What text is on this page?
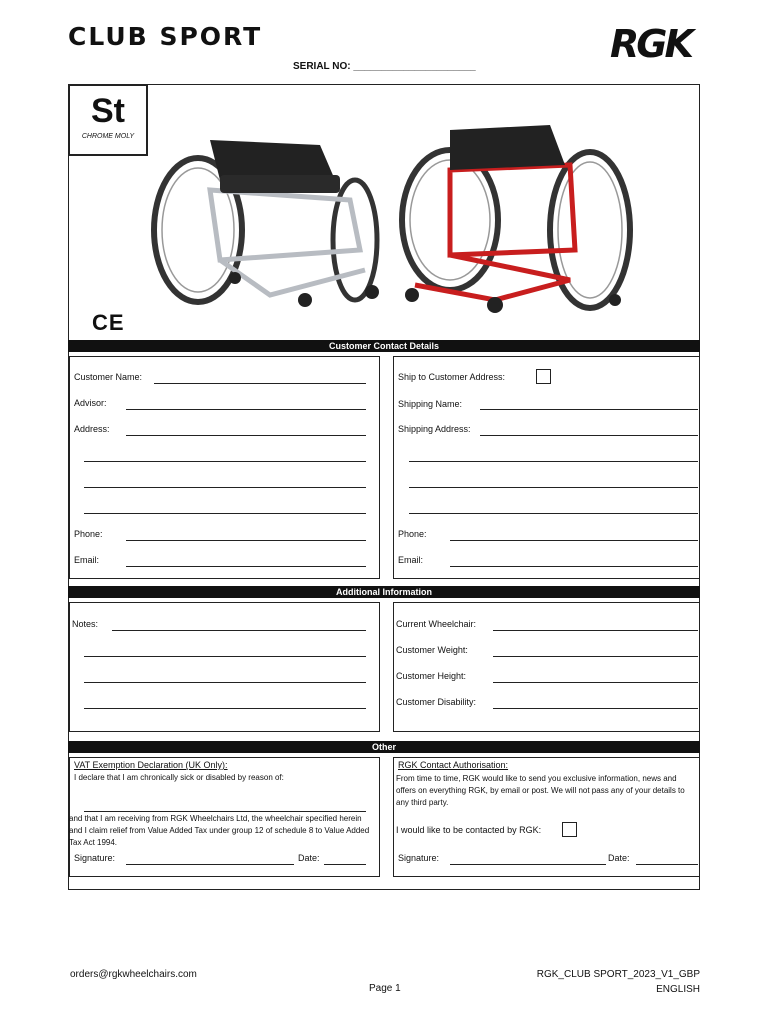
CLUB SPORT	RGK
SERIAL NO: ______________________
St
CHROME MOLY
CE
Customer Contact Details
Customer Name:
Advisor:
Address:
Phone:
Email:
Ship to Customer Address:
Shipping Name:
Shipping Address:
Phone:
Email:
Additional Information
Notes:	Current Wheelchair:
Customer Weight:
Customer Height:
Customer Disability:
Other
VAT Exemption Declaration (UK Only):
I declare that I am chronically sick or disabled by reason of:
and that I am receiving from RGK Wheelchairs Ltd, the wheelchair specified herein and I claim relief from Value Added Tax under group 12 of schedule 8 to Value Added Tax Act 1994.
Signature:	Date:
RGK Contact Authorisation:
From time to time, RGK would like to send you exclusive information, news and offers on everything RGK, by email or post. We will not pass any of your details to any third party.
I would like to be contacted by RGK:
Signature:	Date:
orders@rgkwheelchairs.com
Page 1
RGK_CLUB SPORT_2023_V1_GBP
ENGLISH
